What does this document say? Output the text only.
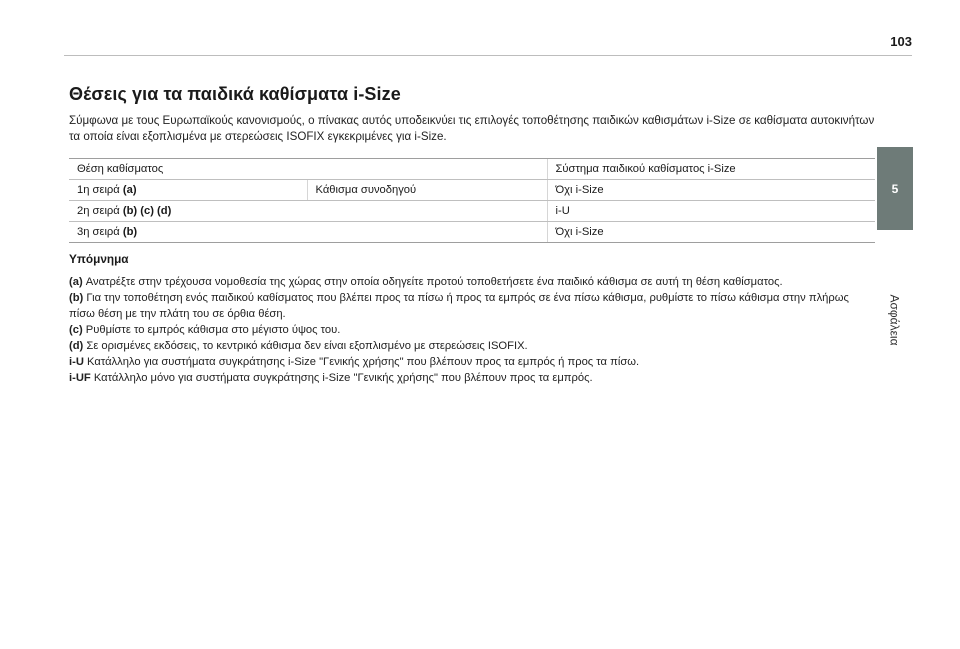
103
5
Ασφάλεια
Θέσεις για τα παιδικά καθίσματα i-Size

Σύμφωνα με τους Ευρωπαϊκούς κανονισμούς, ο πίνακας αυτός υποδεικνύει τις επιλογές τοποθέτησης παιδικών καθισμάτων i-Size σε καθίσματα αυτοκινήτων τα οποία είναι εξοπλισμένα με στερεώσεις ISOFIX εγκεκριμένες για i-Size.

Θέση καθίσματος		Σύστημα παιδικού καθίσματος i-Size
1η σειρά (a)	Κάθισμα συνοδηγού	Όχι i-Size
2η σειρά (b) (c) (d)		i-U
3η σειρά (b)		Όχι i-Size
Υπόμνημα
(a) Ανατρέξτε στην τρέχουσα νομοθεσία της χώρας στην οποία οδηγείτε προτού τοποθετήσετε ένα παιδικό κάθισμα σε αυτή τη θέση καθίσματος.
(b) Για την τοποθέτηση ενός παιδικού καθίσματος που βλέπει προς τα πίσω ή προς τα εμπρός σε ένα πίσω κάθισμα, ρυθμίστε το πίσω κάθισμα στην πλήρως πίσω θέση με την πλάτη του σε όρθια θέση.
(c) Ρυθμίστε το εμπρός κάθισμα στο μέγιστο ύψος του.
(d) Σε ορισμένες εκδόσεις, το κεντρικό κάθισμα δεν είναι εξοπλισμένο με στερεώσεις ISOFIX.
i-U Κατάλληλο για συστήματα συγκράτησης i-Size "Γενικής χρήσης" που βλέπουν προς τα εμπρός ή προς τα πίσω.
i-UF Κατάλληλο μόνο για συστήματα συγκράτησης i-Size "Γενικής χρήσης" που βλέπουν προς τα εμπρός.
